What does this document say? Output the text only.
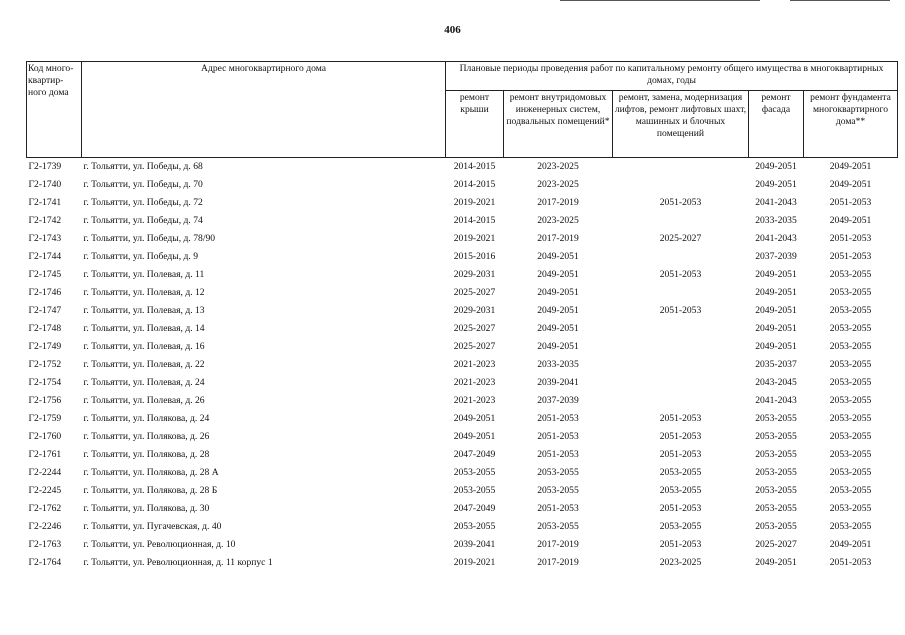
406
Код много-квартир-ного дома	Адрес многоквартирного дома	Плановые периоды проведения работ по капитальному ремонту общего имущества в многоквартирных домах, годы				
		ремонт крыши	ремонт внутридомовых инженерных систем, подвальных помещений*	ремонт, замена, модернизация лифтов, ремонт лифтовых шахт, машинных и блочных помещений	ремонт фасада	ремонт фундамента многоквартирного дома**
Г2-1739	г. Тольятти, ул. Победы, д. 68	2014-2015	2023-2025		2049-2051	2049-2051
Г2-1740	г. Тольятти, ул. Победы, д. 70	2014-2015	2023-2025		2049-2051	2049-2051
Г2-1741	г. Тольятти, ул. Победы, д. 72	2019-2021	2017-2019	2051-2053	2041-2043	2051-2053
Г2-1742	г. Тольятти, ул. Победы, д. 74	2014-2015	2023-2025		2033-2035	2049-2051
Г2-1743	г. Тольятти, ул. Победы, д. 78/90	2019-2021	2017-2019	2025-2027	2041-2043	2051-2053
Г2-1744	г. Тольятти, ул. Победы, д. 9	2015-2016	2049-2051		2037-2039	2051-2053
Г2-1745	г. Тольятти, ул. Полевая, д. 11	2029-2031	2049-2051	2051-2053	2049-2051	2053-2055
Г2-1746	г. Тольятти, ул. Полевая, д. 12	2025-2027	2049-2051		2049-2051	2053-2055
Г2-1747	г. Тольятти, ул. Полевая, д. 13	2029-2031	2049-2051	2051-2053	2049-2051	2053-2055
Г2-1748	г. Тольятти, ул. Полевая, д. 14	2025-2027	2049-2051		2049-2051	2053-2055
Г2-1749	г. Тольятти, ул. Полевая, д. 16	2025-2027	2049-2051		2049-2051	2053-2055
Г2-1752	г. Тольятти, ул. Полевая, д. 22	2021-2023	2033-2035		2035-2037	2053-2055
Г2-1754	г. Тольятти, ул. Полевая, д. 24	2021-2023	2039-2041		2043-2045	2053-2055
Г2-1756	г. Тольятти, ул. Полевая, д. 26	2021-2023	2037-2039		2041-2043	2053-2055
Г2-1759	г. Тольятти, ул. Полякова, д. 24	2049-2051	2051-2053	2051-2053	2053-2055	2053-2055
Г2-1760	г. Тольятти, ул. Полякова, д. 26	2049-2051	2051-2053	2051-2053	2053-2055	2053-2055
Г2-1761	г. Тольятти, ул. Полякова, д. 28	2047-2049	2051-2053	2051-2053	2053-2055	2053-2055
Г2-2244	г. Тольятти, ул. Полякова, д. 28 А	2053-2055	2053-2055	2053-2055	2053-2055	2053-2055
Г2-2245	г. Тольятти, ул. Полякова, д. 28 Б	2053-2055	2053-2055	2053-2055	2053-2055	2053-2055
Г2-1762	г. Тольятти, ул. Полякова, д. 30	2047-2049	2051-2053	2051-2053	2053-2055	2053-2055
Г2-2246	г. Тольятти, ул. Пугачевская, д. 40	2053-2055	2053-2055	2053-2055	2053-2055	2053-2055
Г2-1763	г. Тольятти, ул. Революционная, д. 10	2039-2041	2017-2019	2051-2053	2025-2027	2049-2051
Г2-1764	г. Тольятти, ул. Революционная, д. 11 корпус 1	2019-2021	2017-2019	2023-2025	2049-2051	2051-2053
